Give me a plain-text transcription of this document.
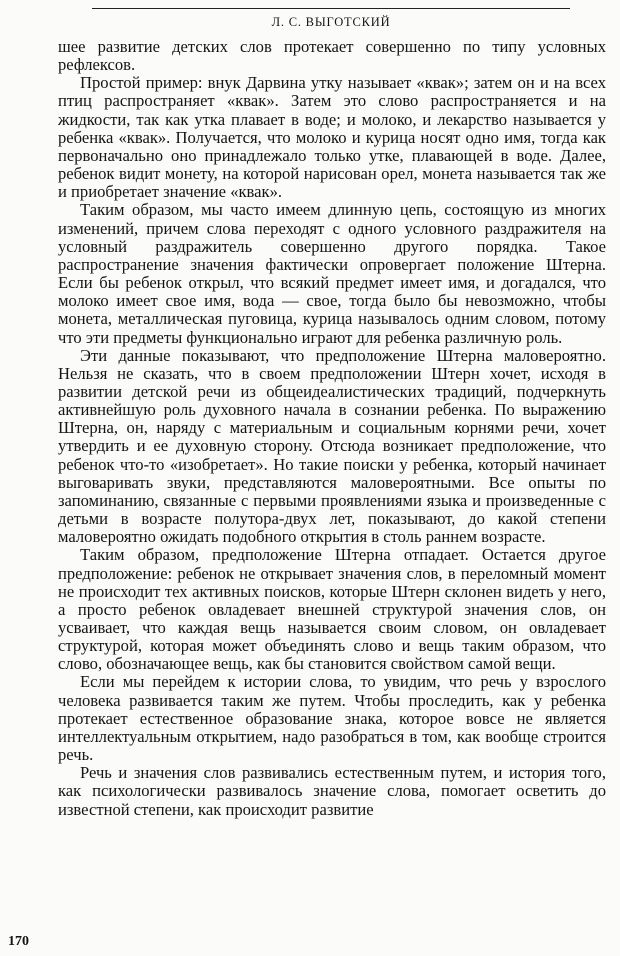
Л. С. ВЫГОТСКИЙ

шее развитие детских слов протекает совершенно по типу условных рефлексов.

Простой пример: внук Дарвина утку называет «квак»; затем он и на всех птиц распространяет «квак». Затем это слово распространяется и на жидкости, так как утка плавает в воде; и молоко, и лекарство называется у ребенка «квак». Получается, что молоко и курица носят одно имя, тогда как первоначально оно принадлежало только утке, плавающей в воде. Далее, ребенок видит монету, на которой нарисован орел, монета называется так же и приобретает значение «квак».

Таким образом, мы часто имеем длинную цепь, состоящую из многих изменений, причем слова переходят с одного условного раздражителя на условный раздражитель совершенно другого порядка. Такое распространение значения фактически опровергает положение Штерна. Если бы ребенок открыл, что всякий предмет имеет имя, и догадался, что молоко имеет свое имя, вода — свое, тогда было бы невозможно, чтобы монета, металлическая пуговица, курица называлось одним словом, потому что эти предметы функционально играют для ребенка различную роль.

Эти данные показывают, что предположение Штерна маловероятно. Нельзя не сказать, что в своем предположении Штерн хочет, исходя в развитии детской речи из общеидеалистических традиций, подчеркнуть активнейшую роль духовного начала в сознании ребенка. По выражению Штерна, он, наряду с материальным и социальным корнями речи, хочет утвердить и ее духовную сторону. Отсюда возникает предположение, что ребенок что-то «изобретает». Но такие поиски у ребенка, который начинает выговаривать звуки, представляются маловероятными. Все опыты по запоминанию, связанные с первыми проявлениями языка и произведенные с детьми в возрасте полутора-двух лет, показывают, до какой степени маловероятно ожидать подобного открытия в столь раннем возрасте.

Таким образом, предположение Штерна отпадает. Остается другое предположение: ребенок не открывает значения слов, в переломный момент не происходит тех активных поисков, которые Штерн склонен видеть у него, а просто ребенок овладевает внешней структурой значения слов, он усваивает, что каждая вещь называется своим словом, он овладевает структурой, которая может объединять слово и вещь таким образом, что слово, обозначающее вещь, как бы становится свойством самой вещи.

Если мы перейдем к истории слова, то увидим, что речь у взрослого человека развивается таким же путем. Чтобы проследить, как у ребенка протекает естественное образование знака, которое вовсе не является интеллектуальным открытием, надо разобраться в том, как вообще строится речь.

Речь и значения слов развивались естественным путем, и история того, как психологически развивалось значение слова, помогает осветить до известной степени, как происходит развитие

170
